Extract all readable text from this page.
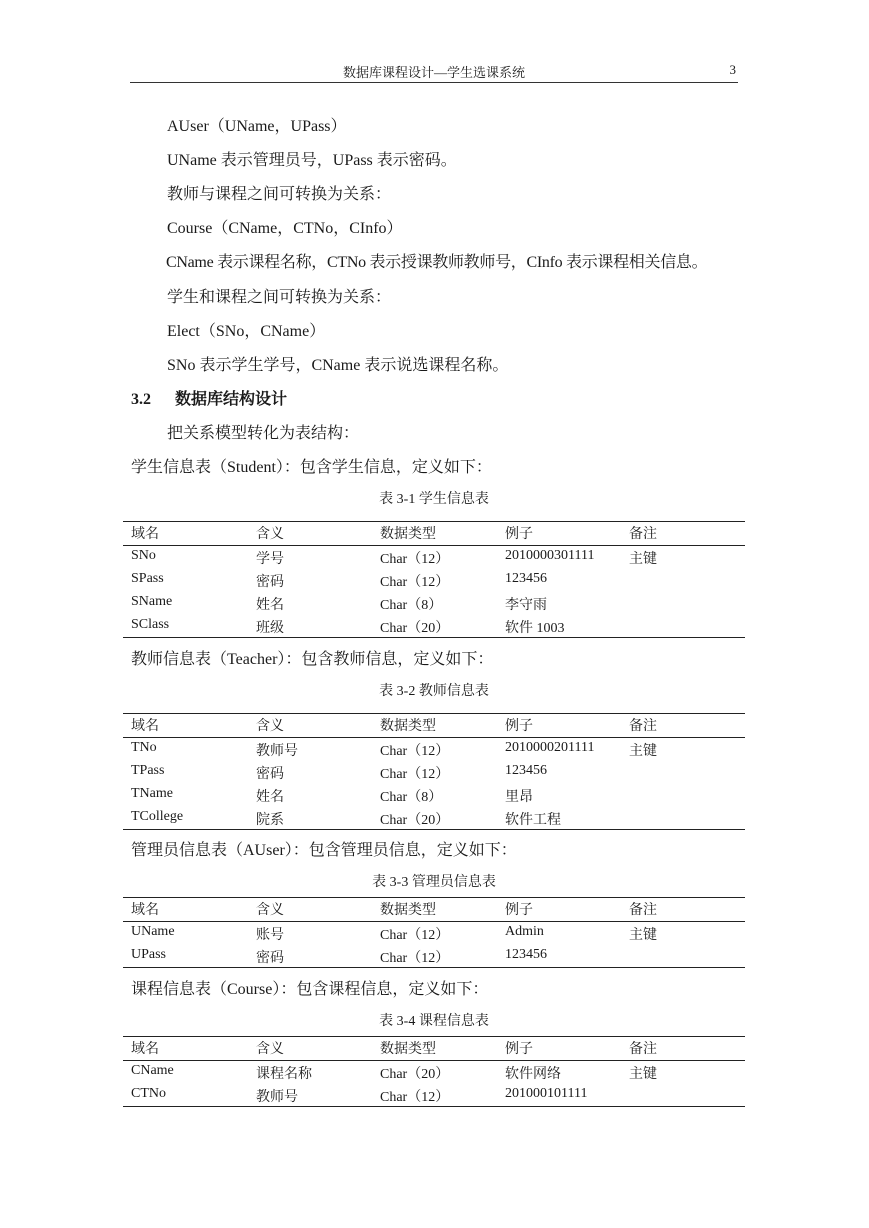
数据库课程设计—学生选课系统	3
AUser（UName，UPass）
UName 表示管理员号，UPass 表示密码。
教师与课程之间可转换为关系：
Course（CName，CTNo，CInfo）
CName 表示课程名称，CTNo 表示授课教师教师号，CInfo 表示课程相关信息。
学生和课程之间可转换为关系：
Elect（SNo，CName）
SNo 表示学生学号，CName 表示说选课程名称。
3.2 数据库结构设计
把关系模型转化为表结构：
学生信息表（Student）：包含学生信息，定义如下：
表 3-1 学生信息表
域名	含义	数据类型	例子	备注
SNo	学号	Char（12）	2010000301111 主键
SPass	密码	Char（12）	123456
SName	姓名	Char（8）	李守雨
SClass	班级	Char（20）	软件 1003
教师信息表（Teacher）：包含教师信息，定义如下：
表 3-2 教师信息表
域名	含义	数据类型	例子	备注
TNo	教师号	Char（12）	2010000201111 主键
TPass	密码	Char（12）	123456
TName	姓名	Char（8）	里昂
TCollege	院系	Char（20）	软件工程
管理员信息表（AUser）：包含管理员信息，定义如下：
表 3-3 管理员信息表
域名	含义	数据类型	例子	备注
UName	账号	Char（12）	Admin	主键
UPass	密码	Char（12）	123456
课程信息表（Course）：包含课程信息，定义如下：
表 3-4 课程信息表
域名	含义	数据类型	例子	备注
CName	课程名称	Char（20）	软件网络	主键
CTNo	教师号	Char（12）	201000101111
